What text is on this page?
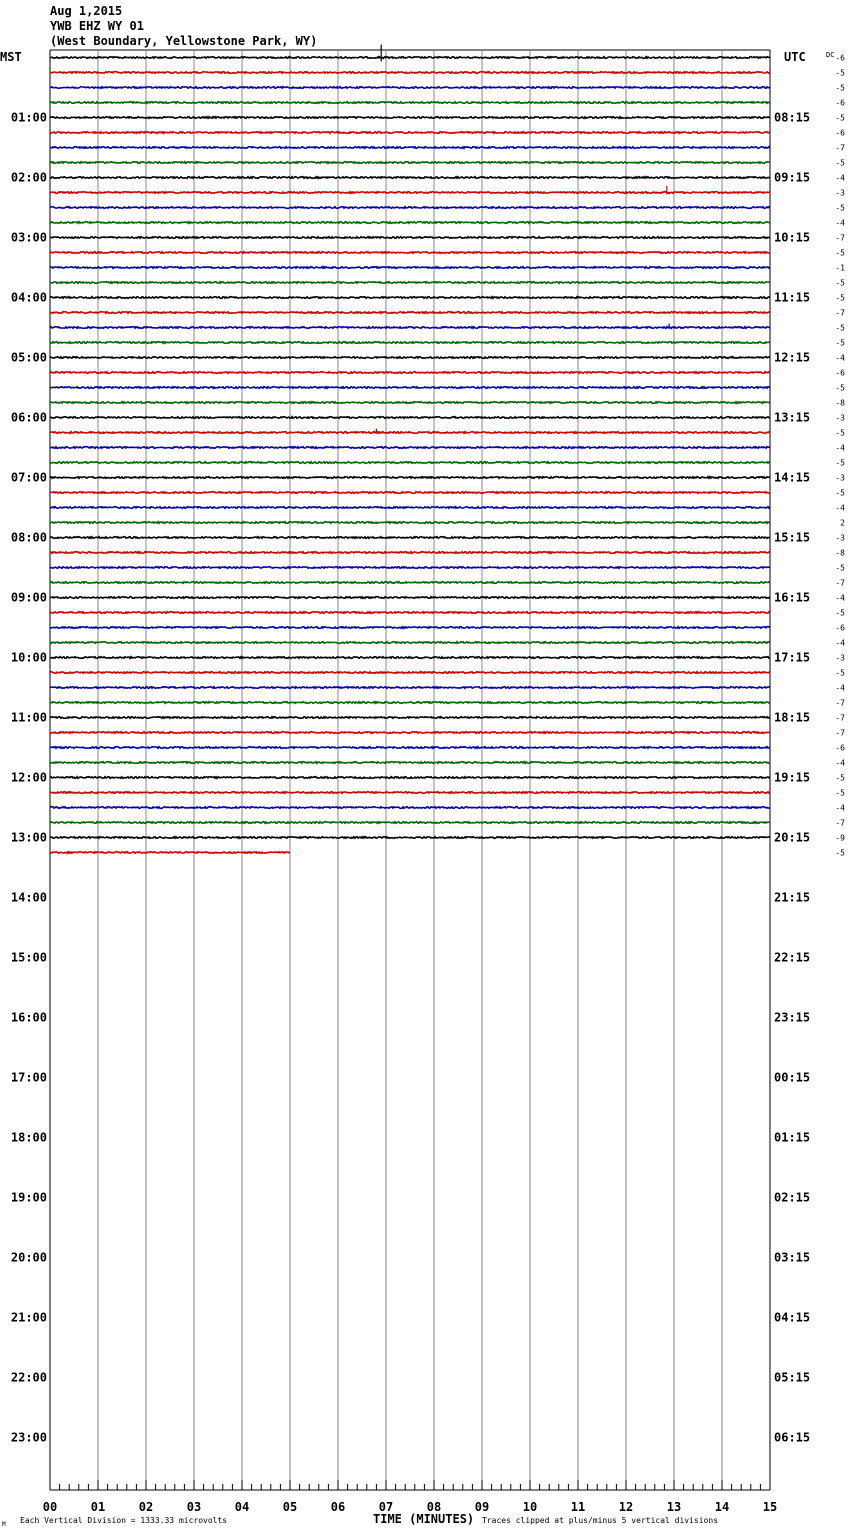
Aug 1,2015
YWB EHZ WY 01
(West Boundary, Yellowstone Park, WY)
00	01	02	03	04	05	06	07	08	09	10	11	12	13	14	15
01:00
02:00
03:00
04:00
05:00
06:00
07:00
08:00
09:00
10:00
11:00
12:00
13:00
14:00
15:00
16:00
17:00
18:00
19:00
20:00
21:00
22:00
23:00
08:15
09:15
10:15
11:15
12:15
13:15
14:15
15:15
16:15
17:15
18:15
19:15
20:15
21:15
22:15
23:15
00:15
01:15
02:15
03:15
04:15
05:15
06:15
-6
-5
-5
-6
-5
-6
-7
-5
-4
-3
-5
-4
-7
-5
-1
-5
-5
-7
-5
-5
-4
-6
-5
-8
-3
-5
-4
-5
-3
-5
-4
2
-3
-8
-5
-7
-4
-5
-6
-4
-3
-5
-4
-7
-7
-7
-6
-4
-5
-5
-4
-7
-9
-5
MST	UTC	DC
Each Vertical Division = 1333.33 microvolts	TIME (MINUTES) Traces clipped at plus/minus 5 vertical divisions
M
